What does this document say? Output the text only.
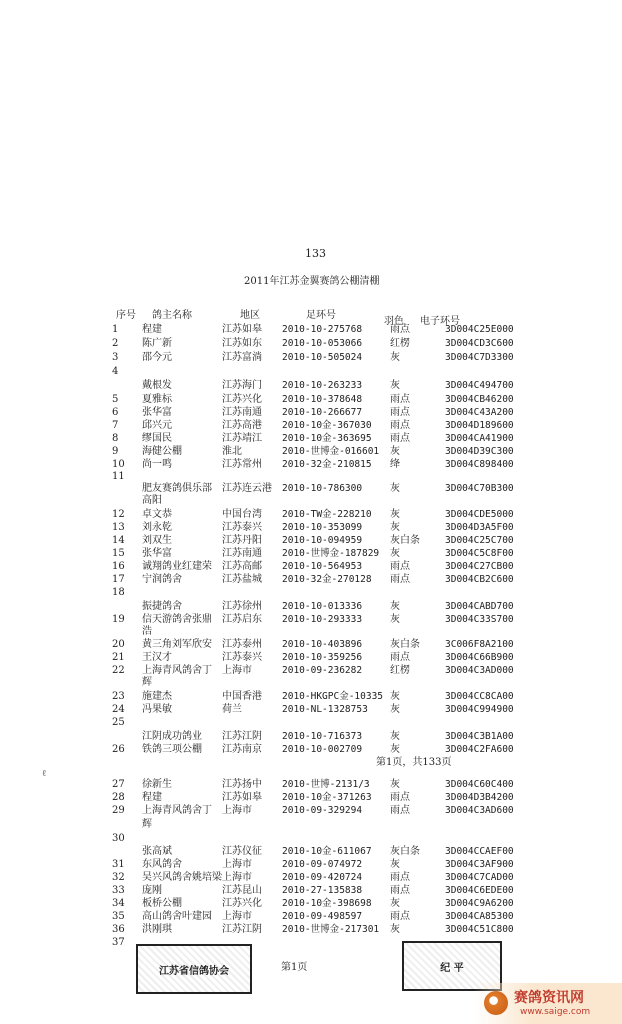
133
2011年江苏金翼赛鸽公棚清棚
序号 鸽主名称	地区	足环号
羽色 电子环号
1 程建	江苏如皋 2010-10-275768	雨点	3D004C25E000
2 陈广新	江苏如东 2010-10-053066	红楞	3D004CD3C600
3 邵今元	江苏富淌 2010-10-505024	灰	3D004C7D3300
4
戴根发	江苏海门 2010-10-263233	灰	3D004C494700
5 夏雅标	江苏兴化 2010-10-378648	雨点	3D004CB46200
6 张华富	江苏南通 2010-10-266677	雨点	3D004C43A200
7 邱兴元	江苏高港 2010-10金-367030 雨点	3D004D189600
8 缪国民	江苏靖江 2010-10金-363695 雨点	3D004CA41900
9 海健公棚	淮北	2010-世博金-016601 灰	3D004D39C300
10 尚一鸣	江苏常州 2010-32金-210815 绛	3D004C898400
11
肥友赛鸽俱乐部 江苏连云港 2010-10-786300	灰	3D004C70B300
高阳
12 卓文恭	中国台湾 2010-TW金-228210 灰	3D004CDE5000
13 刘永乾	江苏泰兴 2010-10-353099	灰	3D004D3A5F00
14 刘双生	江苏丹阳 2010-10-094959	灰白条	3D004C25C700
15 张华富	江苏南通 2010-世博金-187829 灰	3D004C5C8F00
16 诚翔鸽业红建荣 江苏高邮 2010-10-564953	雨点	3D004C27CB00
17 宁润鸽舍	江苏盐城 2010-32金-270128 雨点	3D004CB2C600
18
振捷鸽舍	江苏徐州 2010-10-013336	灰	3D004CABD700
19 信天游鸽舍张鼎 江苏启东 2010-10-293333	灰	3D004C33S700
浩
20 黄三角刘军欣安 江苏泰州 2010-10-403896	灰白条	3C006F8A2100
21 王汉才	江苏泰兴 2010-10-359256	雨点	3D004C66B900
22 上海青风鸽舍丁 上海市	2010-09-236282	红楞	3D004C3AD000
辉
23 施建杰	中国香港 2010-HKGPC金-10335 灰	3D004CC8CA00
24 冯果敏	荷兰	2010-NL-1328753 灰	3D004C994900
25
江阴成功鸽业 江苏江阴 2010-10-716373	灰	3D004C3B1A00
26 铁鸽三项公棚 江苏南京 2010-10-002709	灰	3D004C2FA600
27 徐新生	江苏扬中 2010-世博-2131/3 灰	3D004C60C400
28 程建	江苏如皋 2010-10金-371263 雨点	3D004D3B4200
29 上海青风鸽舍丁 上海市	2010-09-329294	雨点	3D004C3AD600
辉
30
张高斌	江苏仪征 2010-10金-611067 灰白条	3D004CCAEF00
31 东风鸽舍	上海市	2010-09-074972	灰	3D004C3AF900
32 吴兴风鸽舍姚培梁 上海市	2010-09-420724	雨点	3D004C7CAD00
33 庞刚	江苏昆山 2010-27-135838	雨点	3D004C6EDE00
34 板桥公棚	江苏兴化 2010-10金-398698 灰	3D004C9A6200
35 高山鸽舍叶建园 上海市	2010-09-498597	雨点	3D004CA85300
36 洪刚琪	江苏江阴 2010-世博金-217301 灰	3D004C51C800
37
第1页，共133页
ℓ
第1页
江苏省信鸽协会	纪 平
赛鸽资讯网
www.saige.com
